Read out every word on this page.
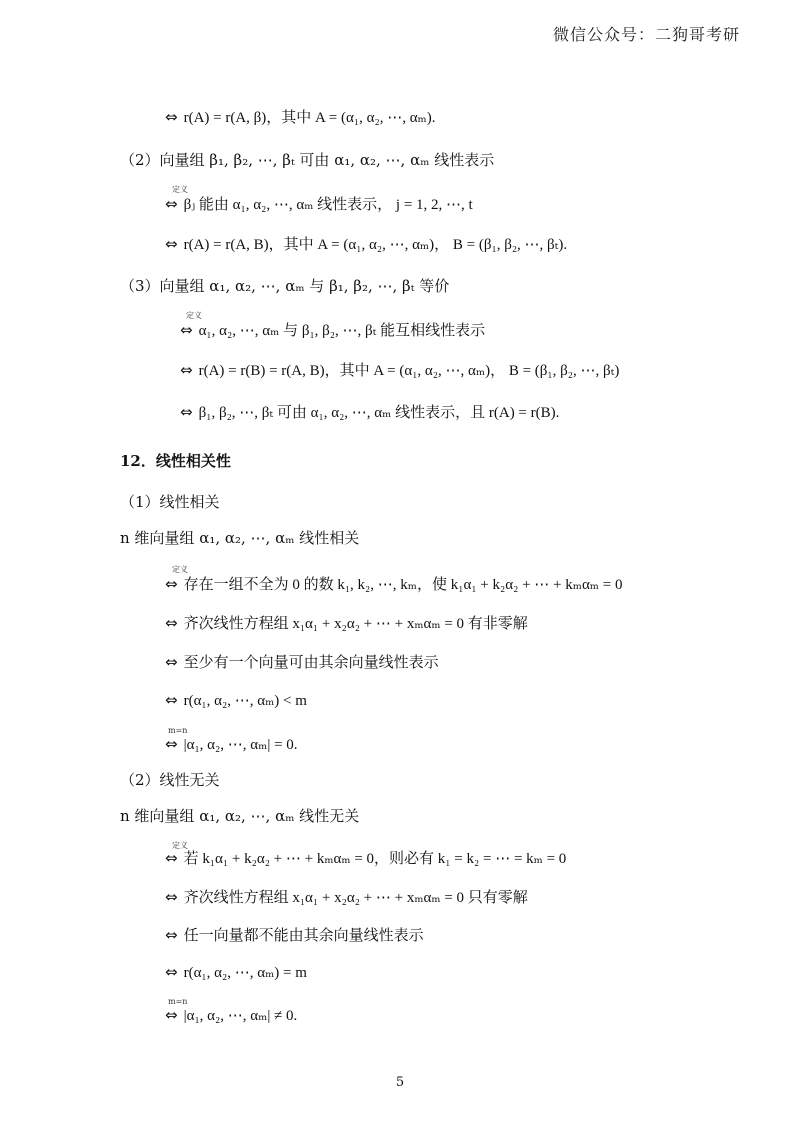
微信公众号：二狗哥考研
⇔ r(A) = r(A, β)，其中 A = (α₁, α₂, ⋯, αₘ).
（2）向量组 β₁, β₂, ⋯, βₜ 可由 α₁, α₂, ⋯, αₘ 线性表示
定义
⇔ βⱼ 能由 α₁, α₂, ⋯, αₘ 线性表示， j = 1, 2, ⋯, t
⇔ r(A) = r(A, B)，其中 A = (α₁, α₂, ⋯, αₘ)， B = (β₁, β₂, ⋯, βₜ).
（3）向量组 α₁, α₂, ⋯, αₘ 与 β₁, β₂, ⋯, βₜ 等价
定义
⇔ α₁, α₂, ⋯, αₘ 与 β₁, β₂, ⋯, βₜ 能互相线性表示
⇔ r(A) = r(B) = r(A, B)，其中 A = (α₁, α₂, ⋯, αₘ)， B = (β₁, β₂, ⋯, βₜ)
⇔ β₁, β₂, ⋯, βₜ 可由 α₁, α₂, ⋯, αₘ 线性表示，且 r(A) = r(B).
12．线性相关性
（1）线性相关
n 维向量组 α₁, α₂, ⋯, αₘ 线性相关
定义
⇔ 存在一组不全为 0 的数 k₁, k₂, ⋯, kₘ，使 k₁α₁ + k₂α₂ + ⋯ + kₘαₘ = 0
⇔ 齐次线性方程组 x₁α₁ + x₂α₂ + ⋯ + xₘαₘ = 0 有非零解
⇔ 至少有一个向量可由其余向量线性表示
⇔ r(α₁, α₂, ⋯, αₘ) < m
m=n
⇔ |α₁, α₂, ⋯, αₘ| = 0.
（2）线性无关
n 维向量组 α₁, α₂, ⋯, αₘ 线性无关
定义
⇔ 若 k₁α₁ + k₂α₂ + ⋯ + kₘαₘ = 0，则必有 k₁ = k₂ = ⋯ = kₘ = 0
⇔ 齐次线性方程组 x₁α₁ + x₂α₂ + ⋯ + xₘαₘ = 0 只有零解
⇔ 任一向量都不能由其余向量线性表示
⇔ r(α₁, α₂, ⋯, αₘ) = m
m=n
⇔ |α₁, α₂, ⋯, αₘ| ≠ 0.
5
